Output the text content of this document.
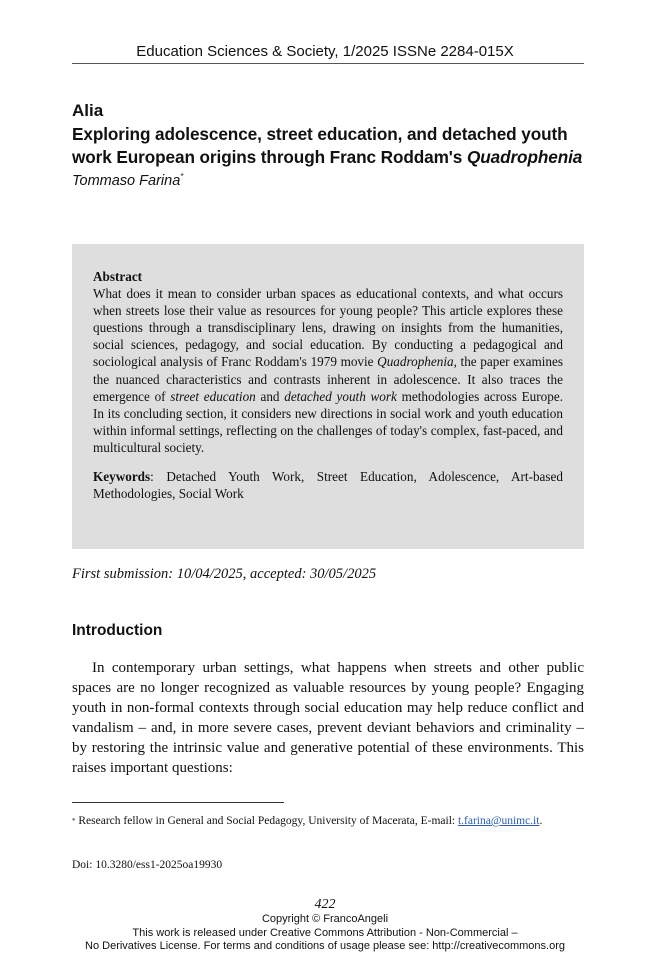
Education Sciences & Society, 1/2025 ISSNe 2284-015X
Alia
Exploring adolescence, street education, and detached youth work European origins through Franc Roddam's Quadrophenia
Tommaso Farina*
Abstract
What does it mean to consider urban spaces as educational contexts, and what occurs when streets lose their value as resources for young people? This article explores these questions through a transdisciplinary lens, drawing on insights from the humanities, social sciences, pedagogy, and social education. By conducting a pedagogical and sociological analysis of Franc Roddam's 1979 movie Quadrophenia, the paper examines the nuanced characteristics and contrasts inherent in adolescence. It also traces the emergence of street education and detached youth work methodologies across Europe. In its concluding section, it considers new directions in social work and youth education within informal settings, reflecting on the challenges of today's complex, fast-paced, and multicultural society.
Keywords: Detached Youth Work, Street Education, Adolescence, Art-based Methodologies, Social Work
First submission: 10/04/2025, accepted: 30/05/2025
Introduction
In contemporary urban settings, what happens when streets and other public spaces are no longer recognized as valuable resources by young people? Engaging youth in non-formal contexts through social education may help reduce conflict and vandalism – and, in more severe cases, prevent deviant behaviors and criminality – by restoring the intrinsic value and generative potential of these environments. This raises important questions:
* Research fellow in General and Social Pedagogy, University of Macerata, E-mail: t.farina@unimc.it.
Doi: 10.3280/ess1-2025oa19930
422
Copyright © FrancoAngeli
This work is released under Creative Commons Attribution - Non-Commercial –
No Derivatives License. For terms and conditions of usage please see: http://creativecommons.org
